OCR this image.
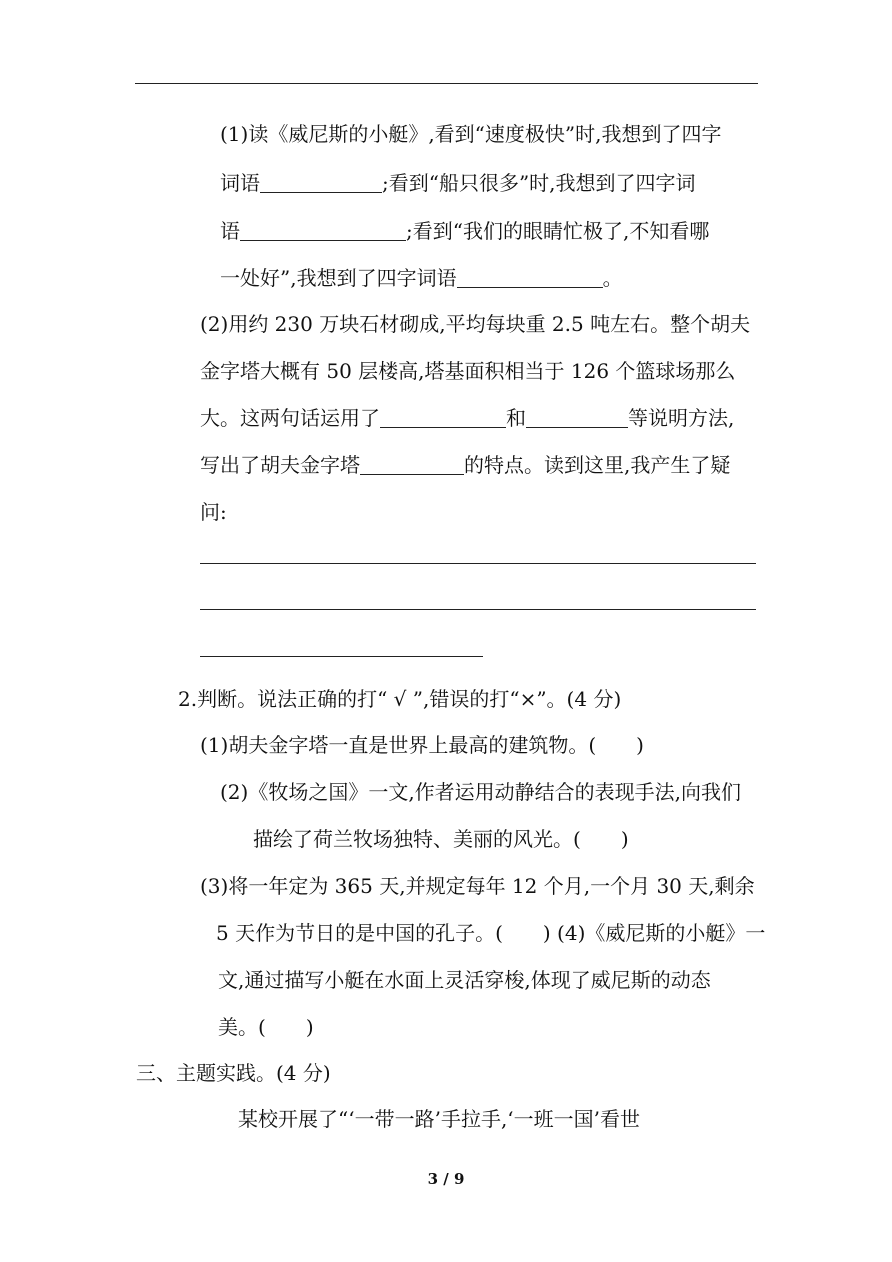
(1)读《威尼斯的小艇》,看到“速度极快”时,我想到了四字
词语	;看到“船只很多”时,我想到了四字词
语	;看到“我们的眼睛忙极了,不知看哪
一处好”,我想到了四字词语	。
(2)用约 230 万块石材砌成,平均每块重 2.5 吨左右。整个胡夫
金字塔大概有 50 层楼高,塔基面积相当于 126 个篮球场那么
大。这两句话运用了	和	等说明方法,
写出了胡夫金字塔	的特点。读到这里,我产生了疑
问:
2.判断。说法正确的打“ √ ”,错误的打“×”。(4 分)
(1)胡夫金字塔一直是世界上最高的建筑物。( )
(2)《牧场之国》一文,作者运用动静结合的表现手法,向我们
描绘了荷兰牧场独特、美丽的风光。( )
(3)将一年定为 365 天,并规定每年 12 个月,一个月 30 天,剩余
5 天作为节日的是中国的孔子。( ) (4)《威尼斯的小艇》一
文,通过描写小艇在水面上灵活穿梭,体现了威尼斯的动态
美。( )
三、主题实践。(4 分)
某校开展了“‘一带一路’手拉手,‘一班一国’看世
3 / 9
